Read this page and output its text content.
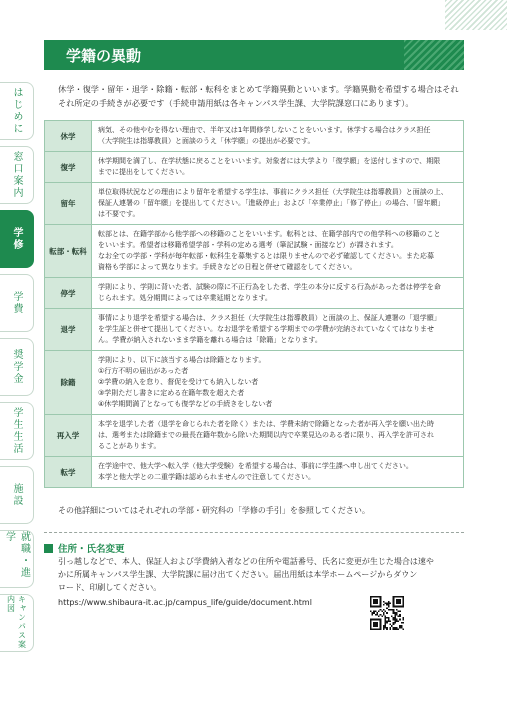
はじめに
窓口案内
学修
学費
奨学金
学生生活
施設
就職・進学
キャンパス案内図
学籍の異動
休学・復学・留年・退学・除籍・転部・転科をまとめて学籍異動といいます。学籍異動を希望する場合はそれ
それ所定の手続きが必要です（手続申請用紙は各キャンパス学生課、大学院課窓口にあります）。
休学
病気、その他やむを得ない理由で、半年又は1年間修学しないことをいいます。休学する場合はクラス担任
（大学院生は指導教員）と面談のうえ「休学願」の提出が必要です。
復学
休学期間を満了し、在学状態に戻ることをいいます。対象者には大学より「復学願」を送付しますので、期限
までに提出をしてください。
留年
単位取得状況などの理由により留年を希望する学生は、事前にクラス担任（大学院生は指導教員）と面談の上、
保証人連署の「留年願」を提出してください。「進級停止」および「卒業停止」「修了停止」の場合、「留年願」
は不要です。
転部・転科
転部とは、在籍学部から他学部への移籍のことをいいます。転科とは、在籍学部内での他学科への移籍のこと
をいいます。希望者は移籍希望学部・学科の定める選考（筆記試験・面接など）が課されます。
なお全ての学部・学科が毎年転部・転科生を募集するとは限りませんので必ず確認してください。また応募
資格も学部によって異なります。手続きなどの日程と併せて確認をしてください。
停学
学則により、学則に背いた者、試験の際に不正行為をした者、学生の本分に反する行為があった者は停学を命
じられます。処分期間によっては卒業延期となります。
退学
事情により退学を希望する場合は、クラス担任（大学院生は指導教員）と面談の上、保証人連署の「退学願」
を学生証と併せて提出してください。なお退学を希望する学期までの学費が完納されていなくてはなりませ
ん。学費が納入されないまま学籍を離れる場合は「除籍」となります。
除籍
学則により、以下に該当する場合は除籍となります。
①行方不明の届出があった者
②学費の納入を怠り、督促を受けても納入しない者
③学則ただし書きに定める在籍年数を超えた者
④休学期間満了となっても復学などの手続きをしない者
再入学
本学を退学した者（退学を命じられた者を除く）または、学費未納で除籍となった者が再入学を願い出た時
は、選考または除籍までの最長在籍年数から除いた期間以内で卒業見込のある者に限り、再入学を許可され
ることがあります。
転学
在学途中で、他大学へ転入学（他大学受験）を希望する場合は、事前に学生課へ申し出てください。
本学と他大学との二重学籍は認められませんので注意してください。
その他詳細についてはそれぞれの学部・研究科の「学修の手引」を参照してください。
住所・氏名変更
引っ越しなどで、本人、保証人および学費納入者などの住所や電話番号、氏名に変更が生じた場合は速や
かに所属キャンパス学生課、大学院課に届け出てください。届出用紙は本学ホームページからダウン
ロード、印刷してください。
https://www.shibaura-it.ac.jp/campus_life/guide/document.html
